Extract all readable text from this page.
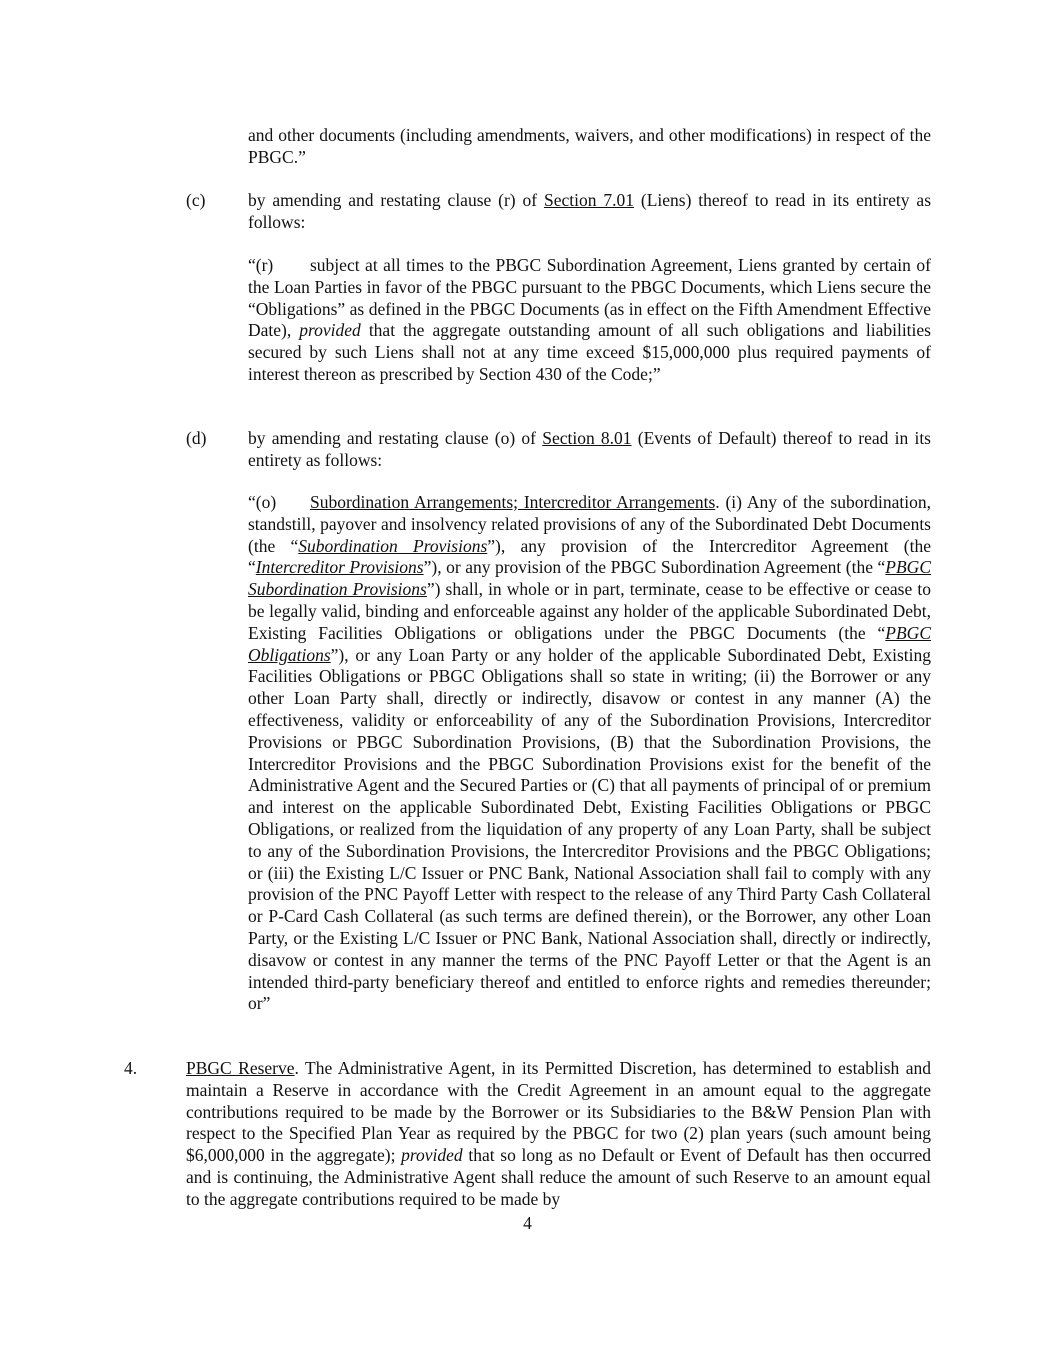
and other documents (including amendments, waivers, and other modifications) in respect of the PBGC.”
(c) by amending and restating clause (r) of Section 7.01 (Liens) thereof to read in its entirety as follows:
“(r)	subject at all times to the PBGC Subordination Agreement, Liens granted by certain of the Loan Parties in favor of the PBGC pursuant to the PBGC Documents, which Liens secure the “Obligations” as defined in the PBGC Documents (as in effect on the Fifth Amendment Effective Date), provided that the aggregate outstanding amount of all such obligations and liabilities secured by such Liens shall not at any time exceed $15,000,000 plus required payments of interest thereon as prescribed by Section 430 of the Code;”
(d) by amending and restating clause (o) of Section 8.01 (Events of Default) thereof to read in its entirety as follows:
“(o)	Subordination Arrangements; Intercreditor Arrangements. (i) Any of the subordination, standstill, payover and insolvency related provisions of any of the Subordinated Debt Documents (the “Subordination Provisions”), any provision of the Intercreditor Agreement (the “Intercreditor Provisions”), or any provision of the PBGC Subordination Agreement (the “PBGC Subordination Provisions”) shall, in whole or in part, terminate, cease to be effective or cease to be legally valid, binding and enforceable against any holder of the applicable Subordinated Debt, Existing Facilities Obligations or obligations under the PBGC Documents (the “PBGC Obligations”), or any Loan Party or any holder of the applicable Subordinated Debt, Existing Facilities Obligations or PBGC Obligations shall so state in writing; (ii) the Borrower or any other Loan Party shall, directly or indirectly, disavow or contest in any manner (A) the effectiveness, validity or enforceability of any of the Subordination Provisions, Intercreditor Provisions or PBGC Subordination Provisions, (B) that the Subordination Provisions, the Intercreditor Provisions and the PBGC Subordination Provisions exist for the benefit of the Administrative Agent and the Secured Parties or (C) that all payments of principal of or premium and interest on the applicable Subordinated Debt, Existing Facilities Obligations or PBGC Obligations, or realized from the liquidation of any property of any Loan Party, shall be subject to any of the Subordination Provisions, the Intercreditor Provisions and the PBGC Obligations; or (iii) the Existing L/C Issuer or PNC Bank, National Association shall fail to comply with any provision of the PNC Payoff Letter with respect to the release of any Third Party Cash Collateral or P-Card Cash Collateral (as such terms are defined therein), or the Borrower, any other Loan Party, or the Existing L/C Issuer or PNC Bank, National Association shall, directly or indirectly, disavow or contest in any manner the terms of the PNC Payoff Letter or that the Agent is an intended third-party beneficiary thereof and entitled to enforce rights and remedies thereunder; or”
4.	PBGC Reserve. The Administrative Agent, in its Permitted Discretion, has determined to establish and maintain a Reserve in accordance with the Credit Agreement in an amount equal to the aggregate contributions required to be made by the Borrower or its Subsidiaries to the B&W Pension Plan with respect to the Specified Plan Year as required by the PBGC for two (2) plan years (such amount being $6,000,000 in the aggregate); provided that so long as no Default or Event of Default has then occurred and is continuing, the Administrative Agent shall reduce the amount of such Reserve to an amount equal to the aggregate contributions required to be made by
4
